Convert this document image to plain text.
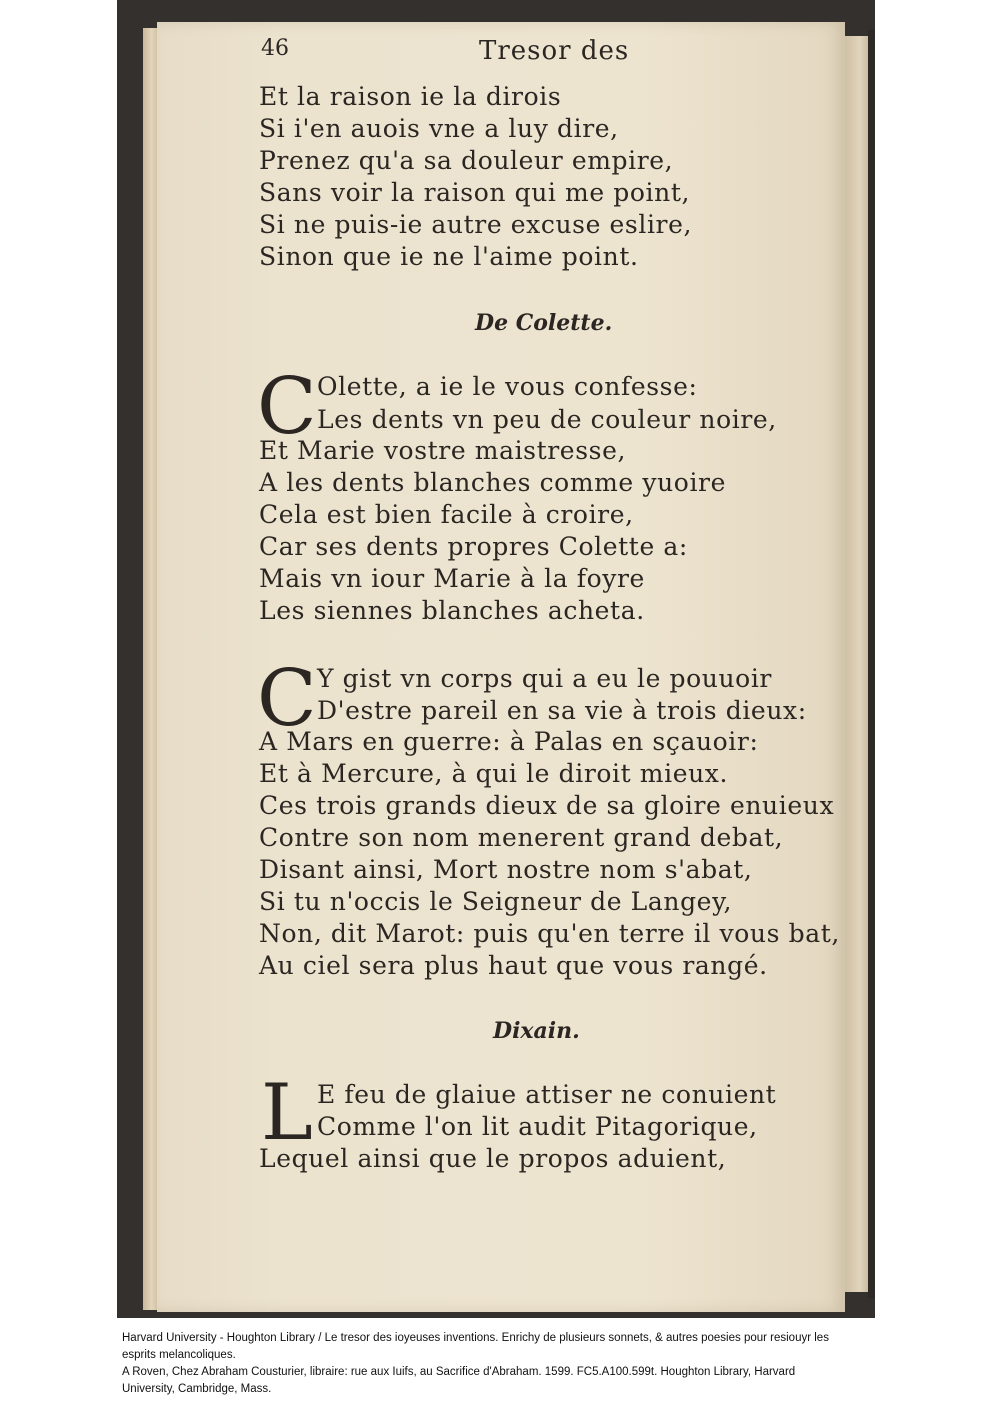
46	Tresor des
Et la raison ie la dirois
Si i'en auois vne a luy dire,
Prenez qu'a sa douleur empire,
Sans voir la raison qui me point,
Si ne puis-ie autre excuse eslire,
Sinon que ie ne l'aime point.
De Colette.
C Olette, a ie le vous confesse:
Les dents vn peu de couleur noire,
Et Marie vostre maistresse,
A les dents blanches comme yuoire
Cela est bien facile à croire,
Car ses dents propres Colette a:
Mais vn iour Marie à la foyre
Les siennes blanches acheta.
C Y gist vn corps qui a eu le pouuoir
D'estre pareil en sa vie à trois dieux:
A Mars en guerre: à Palas en sçauoir:
Et à Mercure, à qui le diroit mieux.
Ces trois grands dieux de sa gloire enuieux
Contre son nom menerent grand debat,
Disant ainsi, Mort nostre nom s'abat,
Si tu n'occis le Seigneur de Langey,
Non, dit Marot: puis qu'en terre il vous bat,
Au ciel sera plus haut que vous rangé.
Dixain.
L E feu de glaiue attiser ne conuient
Comme l'on lit audit Pitagorique,
Lequel ainsi que le propos aduient,
Harvard University - Houghton Library / Le tresor des ioyeuses inventions. Enrichy de plusieurs sonnets, & autres poesies pour resiouyr les
esprits melancoliques.
A Roven, Chez Abraham Cousturier, libraire: rue aux Iuifs, au Sacrifice d'Abraham. 1599. FC5.A100.599t. Houghton Library, Harvard
University, Cambridge, Mass.
